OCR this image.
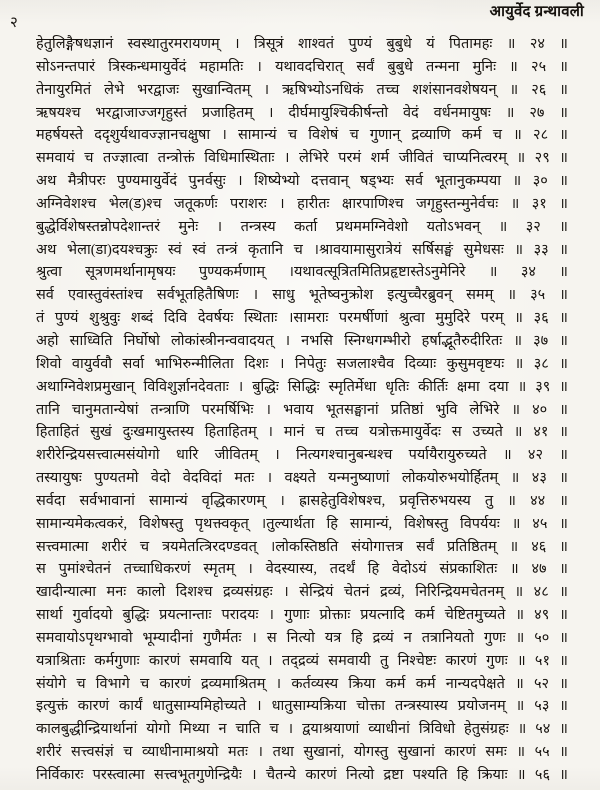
२
आयुर्वेद ग्रन्थावली

हेतुलिङ्गैषधज्ञानं स्वस्थातुरमरायणम् । त्रिसूत्रं शाश्वतं पुण्यं बुबुधे यं पितामहः ॥ २४ ॥

सोऽनन्तपारं त्रिस्कन्धमायुर्वेदं महामतिः । यथावदचिरात् सर्वं बुबुधे तन्मना मुनिः ॥ २५ ॥

तेनायुरमितं लेभे भरद्वाजः सुखान्वितम् । ऋषिभ्योऽनधिकं तच्च शशंसानवशेषयन् ॥ २६ ॥

ऋषयश्च भरद्वाजाज्जगृहुस्तं प्रजाहितम् । दीर्घमायुश्चिकीर्षन्तो वेदं वर्धनमायुषः ॥ २७ ॥

महर्षयस्ते ददृशुर्यथावज्ज्ञानचक्षुषा । सामान्यं च विशेषं च गुणान् द्रव्याणि कर्म च ॥ २८ ॥

समवायं च तज्ज्ञात्वा तन्त्रोक्तं विधिमास्थिताः । लेभिरे परमं शर्म जीवितं चाप्यनित्वरम् ॥ २९ ॥

अथ मैत्रीपरः पुण्यमायुर्वेदं पुनर्वसुः । शिष्येभ्यो दत्तवान् षड्भ्यः सर्व भूतानुकम्पया ॥ ३० ॥

अग्निवेशश्च भेल(ड)श्च जतूकर्णः पराशरः । हारीतः क्षारपाणिश्च जगृहुस्तन्मुनेर्वचः ॥ ३१ ॥

बुद्धेर्विशेषस्तन्नोपदेशान्तरं मुनेः । तन्त्रस्य कर्ता प्रथममग्निवेशो यतोऽभवन् ॥ ३२ ॥

अथ भेला(डा)दयश्चक्रुः स्वं स्वं तन्त्रं कृतानि च ।श्रावयामासुरात्रेयं सर्षिसङ्घं सुमेधसः ॥ ३३ ॥

श्रुत्वा सूत्रणमर्थानामृषयः पुण्यकर्मणाम् ।यथावत्सूत्रितमितिप्रहृष्टास्तेऽनुमेनिरे ॥ ३४ ॥

सर्व एवास्तुवंस्तांश्च सर्वभूतहितैषिणः । साधु भूतेष्वनुक्रोश इत्युच्चैरब्रुवन् समम् ॥ ३५ ॥

तं पुण्यं शुश्रुवुः शब्दं दिवि देवर्षयः स्थिताः ।सामराः परमर्षीणां श्रुत्वा मुमुदिरे परम् ॥ ३६ ॥

अहो साध्विति निर्घोषो लोकांस्त्रीनन्ववादयत् । नभसि स्निग्धगम्भीरो हर्षाद्भूतैरुदीरितः ॥ ३७ ॥

शिवो वायुर्ववौ सर्वा भाभिरुन्मीलिता दिशः । निपेतुः सजलाश्चैव दिव्याः कुसुमवृष्टयः ॥ ३८ ॥

अथाग्निवेशप्रमुखान् विविशुर्ज्ञानदेवताः । बुद्धिः सिद्धिः स्मृतिर्मेधा धृतिः कीर्तिः क्षमा दया ॥ ३९ ॥

तानि चानुमतान्येषां तन्त्राणि परमर्षिभिः । भवाय भूतसङ्घानां प्रतिष्ठां भुवि लेभिरे ॥ ४० ॥

हिताहितं सुखं दुःखमायुस्तस्य हिताहितम् । मानं च तच्च यत्रोक्तमायुर्वेदः स उच्यते ॥ ४१ ॥

शरीरेन्द्रियसत्त्वात्मसंयोगो धारि जीवितम् । नित्यगश्चानुबन्धश्च पर्यायैरायुरुच्यते ॥ ४२ ॥

तस्यायुषः पुण्यतमो वेदो वेदविदां मतः । वक्ष्यते यन्मनुष्याणां लोकयोरुभयोर्हितम् ॥ ४३ ॥

सर्वदा सर्वभावानां सामान्यं वृद्धिकारणम् । ह्रासहेतुविशेषश्च, प्रवृत्तिरुभयस्य तु ॥ ४४ ॥

सामान्यमेकत्वकरं, विशेषस्तु पृथक्त्वकृत् ।तुल्यार्थता हि सामान्यं, विशेषस्तु विपर्ययः ॥ ४५ ॥

सत्त्वमात्मा शरीरं च त्रयमेतत्त्रिरदण्डवत् ।लोकस्तिष्ठति संयोगात्तत्र सर्वं प्रतिष्ठितम् ॥ ४६ ॥

स पुमांश्चेतनं तच्चाधिकरणं स्मृतम् । वेदस्यास्य, तदर्थं हि वेदोऽयं संप्रकाशितः ॥ ४७ ॥

खादीन्यात्मा मनः कालो दिशश्च द्रव्यसंग्रहः । सेन्द्रियं चेतनं द्रव्यं, निरिन्द्रियमचेतनम् ॥ ४८ ॥

सार्था गुर्वादयो बुद्धिः प्रयत्नान्ताः परादयः । गुणाः प्रोक्ताः प्रयत्नादि कर्म चेष्टितमुच्यते ॥ ४९ ॥

समवायोऽपृथग्भावो भूम्यादीनां गुणैर्मतः । स नित्यो यत्र हि द्रव्यं न तत्रानियतो गुणः ॥ ५० ॥

यत्राश्रिताः कर्मगुणाः कारणं समवायि यत् । तद्द्रव्यं समवायी तु निश्चेष्टः कारणं गुणः ॥ ५१ ॥

संयोगे च विभागे च कारणं द्रव्यमाश्रितम् । कर्तव्यस्य क्रिया कर्म कर्म नान्यदपेक्षते ॥ ५२ ॥

इत्युक्तं कारणं कार्यं धातुसाम्यमिहोच्यते । धातुसाम्यक्रिया चोक्ता तन्त्रस्यास्य प्रयोजनम् ॥ ५३ ॥

कालबुद्धीन्द्रियार्थानां योगो मिथ्या न चाति च । द्वयाश्रयाणां व्याधीनां त्रिविधो हेतुसंग्रहः ॥ ५४ ॥

शरीरं सत्त्वसंज्ञं च व्याधीनामाश्रयो मतः । तथा सुखानां, योगस्तु सुखानां कारणं समः ॥ ५५ ॥

निर्विकारः परस्त्वात्मा सत्त्वभूतगुणेन्द्रियैः । चैतन्ये कारणं नित्यो द्रष्टा पश्यति हि क्रियाः ॥ ५६ ॥
